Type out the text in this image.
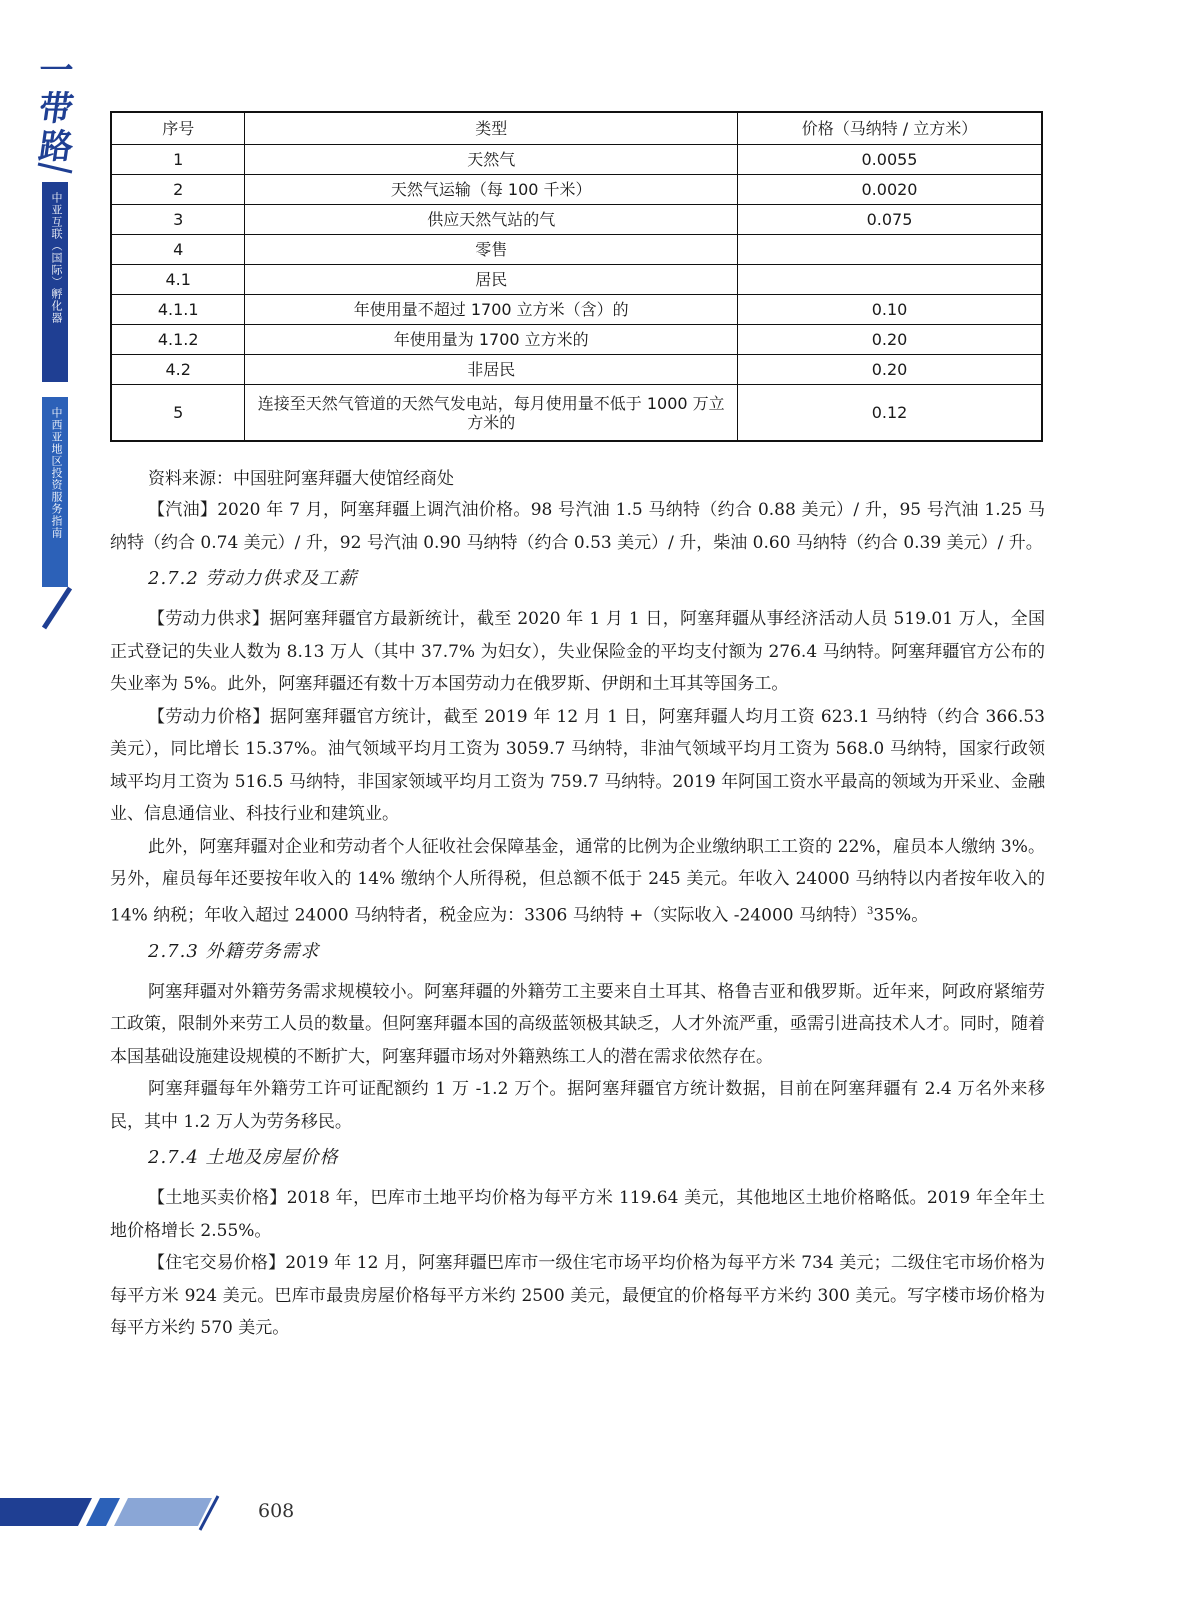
一
带
路
中亚互联（国际）孵化器
中西亚地区投资服务指南
序号	类型	价格（马纳特 / 立方米）
1	天然气	0.0055
2	天然气运输（每 100 千米）	0.0020
3	供应天然气站的气	0.075
4	零售	
4.1	居民	
4.1.1	年使用量不超过 1700 立方米（含）的	0.10
4.1.2	年使用量为 1700 立方米的	0.20
4.2	非居民	0.20
5	连接至天然气管道的天然气发电站，每月使用量不低于 1000 万立方米的	0.12

资料来源：中国驻阿塞拜疆大使馆经商处

【汽油】2020 年 7 月，阿塞拜疆上调汽油价格。98 号汽油 1.5 马纳特（约合 0.88 美元）/ 升，95 号汽油 1.25 马纳特（约合 0.74 美元）/ 升，92 号汽油 0.90 马纳特（约合 0.53 美元）/ 升，柴油 0.60 马纳特（约合 0.39 美元）/ 升。

2.7.2 劳动力供求及工薪

【劳动力供求】据阿塞拜疆官方最新统计，截至 2020 年 1 月 1 日，阿塞拜疆从事经济活动人员 519.01 万人，全国正式登记的失业人数为 8.13 万人（其中 37.7% 为妇女），失业保险金的平均支付额为 276.4 马纳特。阿塞拜疆官方公布的失业率为 5%。此外，阿塞拜疆还有数十万本国劳动力在俄罗斯、伊朗和土耳其等国务工。

【劳动力价格】据阿塞拜疆官方统计，截至 2019 年 12 月 1 日，阿塞拜疆人均月工资 623.1 马纳特（约合 366.53 美元），同比增长 15.37%。油气领域平均月工资为 3059.7 马纳特，非油气领域平均月工资为 568.0 马纳特，国家行政领域平均月工资为 516.5 马纳特，非国家领域平均月工资为 759.7 马纳特。2019 年阿国工资水平最高的领域为开采业、金融业、信息通信业、科技行业和建筑业。

此外，阿塞拜疆对企业和劳动者个人征收社会保障基金，通常的比例为企业缴纳职工工资的 22%，雇员本人缴纳 3%。另外，雇员每年还要按年收入的 14% 缴纳个人所得税，但总额不低于 245 美元。年收入 24000 马纳特以内者按年收入的 14% 纳税；年收入超过 24000 马纳特者，税金应为：3306 马纳特 +（实际收入 -24000 马纳特）$^3$35%。

2.7.3 外籍劳务需求

阿塞拜疆对外籍劳务需求规模较小。阿塞拜疆的外籍劳工主要来自土耳其、格鲁吉亚和俄罗斯。近年来，阿政府紧缩劳工政策，限制外来劳工人员的数量。但阿塞拜疆本国的高级蓝领极其缺乏，人才外流严重，亟需引进高技术人才。同时，随着本国基础设施建设规模的不断扩大，阿塞拜疆市场对外籍熟练工人的潜在需求依然存在。

阿塞拜疆每年外籍劳工许可证配额约 1 万 -1.2 万个。据阿塞拜疆官方统计数据，目前在阿塞拜疆有 2.4 万名外来移民，其中 1.2 万人为劳务移民。

2.7.4 土地及房屋价格

【土地买卖价格】2018 年，巴库市土地平均价格为每平方米 119.64 美元，其他地区土地价格略低。2019 年全年土地价格增长 2.55%。

【住宅交易价格】2019 年 12 月，阿塞拜疆巴库市一级住宅市场平均价格为每平方米 734 美元；二级住宅市场价格为每平方米 924 美元。巴库市最贵房屋价格每平方米约 2500 美元，最便宜的价格每平方米约 300 美元。写字楼市场价格为每平方米约 570 美元。

608
